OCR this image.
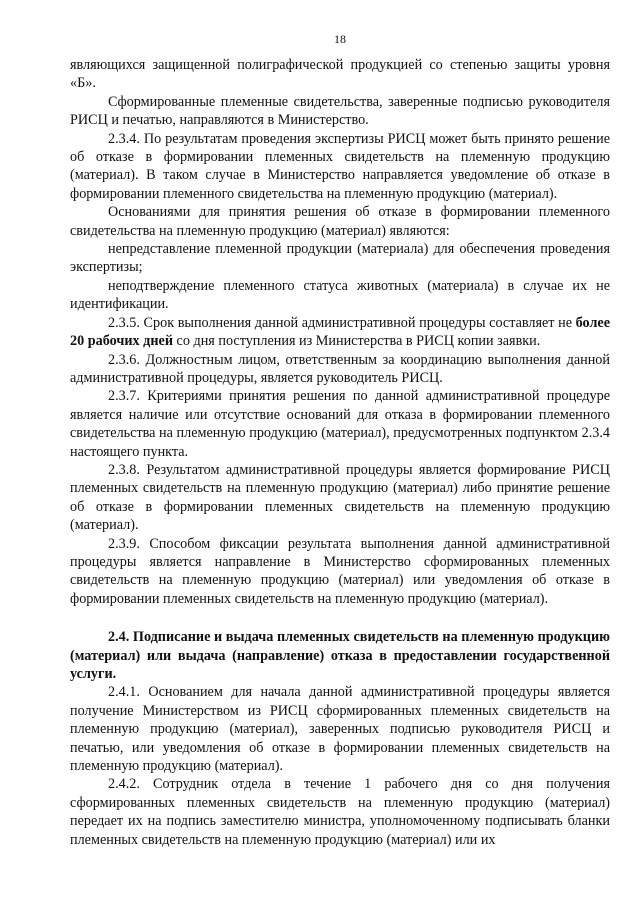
18

являющихся защищенной полиграфической продукцией со степенью защиты уровня «Б».

Сформированные племенные свидетельства, заверенные подписью руководителя РИСЦ и печатью, направляются в Министерство.

2.3.4. По результатам проведения экспертизы РИСЦ может быть принято решение об отказе в формировании племенных свидетельств на племенную продукцию (материал). В таком случае в Министерство направляется уведомление об отказе в формировании племенного свидетельства на племенную продукцию (материал).

Основаниями для принятия решения об отказе в формировании племенного свидетельства на племенную продукцию (материал) являются:

непредставление племенной продукции (материала) для обеспечения проведения экспертизы;

неподтверждение племенного статуса животных (материала) в случае их не идентификации.

2.3.5. Срок выполнения данной административной процедуры составляет не более 20 рабочих дней со дня поступления из Министерства в РИСЦ копии заявки.

2.3.6. Должностным лицом, ответственным за координацию выполнения данной административной процедуры, является руководитель РИСЦ.

2.3.7. Критериями принятия решения по данной административной процедуре является наличие или отсутствие оснований для отказа в формировании племенного свидетельства на племенную продукцию (материал), предусмотренных подпунктом 2.3.4 настоящего пункта.

2.3.8. Результатом административной процедуры является формирование РИСЦ племенных свидетельств на племенную продукцию (материал) либо принятие решение об отказе в формировании племенных свидетельств на племенную продукцию (материал).

2.3.9. Способом фиксации результата выполнения данной административной процедуры является направление в Министерство сформированных племенных свидетельств на племенную продукцию (материал) или уведомления об отказе в формировании племенных свидетельств на племенную продукцию (материал).

2.4. Подписание и выдача племенных свидетельств на племенную продукцию (материал) или выдача (направление) отказа в предоставлении государственной услуги.

2.4.1. Основанием для начала данной административной процедуры является получение Министерством из РИСЦ сформированных племенных свидетельств на племенную продукцию (материал), заверенных подписью руководителя РИСЦ и печатью, или уведомления об отказе в формировании племенных свидетельств на племенную продукцию (материал).

2.4.2. Сотрудник отдела в течение 1 рабочего дня со дня получения сформированных племенных свидетельств на племенную продукцию (материал) передает их на подпись заместителю министра, уполномоченному подписывать бланки племенных свидетельств на племенную продукцию (материал) или их
